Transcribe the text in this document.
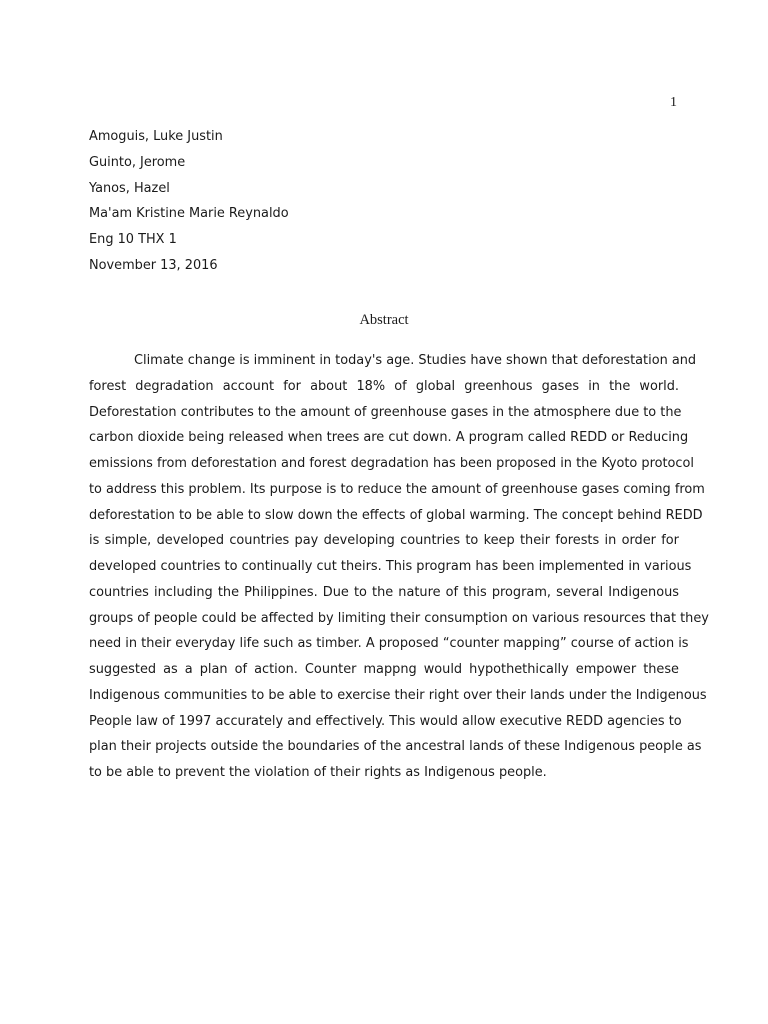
1
Amoguis, Luke Justin
Guinto, Jerome
Yanos, Hazel
Ma'am Kristine Marie Reynaldo
Eng 10 THX 1
November 13, 2016
Abstract
Climate change is imminent in today's age. Studies have shown that deforestation and
forest degradation account for about 18% of global greenhous gases in the world.
Deforestation contributes to the amount of greenhouse gases in the atmosphere due to the
carbon dioxide being released when trees are cut down. A program called REDD or Reducing
emissions from deforestation and forest degradation has been proposed in the Kyoto protocol
to address this problem. Its purpose is to reduce the amount of greenhouse gases coming from
deforestation to be able to slow down the effects of global warming. The concept behind REDD
is simple, developed countries pay developing countries to keep their forests in order for
developed countries to continually cut theirs. This program has been implemented in various
countries including the Philippines. Due to the nature of this program, several Indigenous
groups of people could be affected by limiting their consumption on various resources that they
need in their everyday life such as timber. A proposed “counter mapping” course of action is
suggested as a plan of action. Counter mappng would hypothethically empower these
Indigenous communities to be able to exercise their right over their lands under the Indigenous
People law of 1997 accurately and effectively. This would allow executive REDD agencies to
plan their projects outside the boundaries of the ancestral lands of these Indigenous people as
to be able to prevent the violation of their rights as Indigenous people.
